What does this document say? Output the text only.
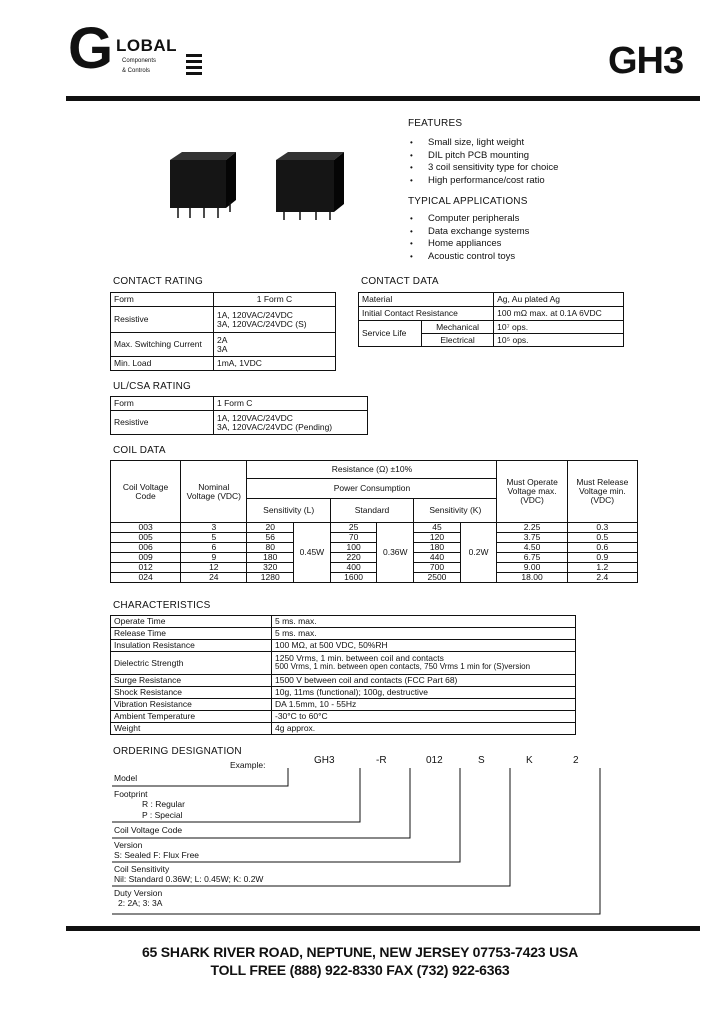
G LOBAL
Components
& Controls	GH3
FEATURES
• Small size, light weight
• DIL pitch PCB mounting
• 3 coil sensitivity type for choice
• High performance/cost ratio
TYPICAL APPLICATIONS
• Computer peripherals
• Data exchange systems
• Home appliances
• Acoustic control toys
CONTACT RATING
Form	1 Form C
Resistive	1A, 120VAC/24VDC
3A, 120VAC/24VDC (S)

Max. Switching Current	2A
3A

Min. Load	1mA, 1VDC
CONTACT DATA
Material		Ag, Au plated Ag
Initial Contact Resistance		100 mΩ max. at 0.1A 6VDC
Service Life	Mechanical	10⁷ ops.
	Electrical	10⁵ ops.
UL/CSA RATING
Form	1 Form C
Resistive	1A, 120VAC/24VDC
3A, 120VAC/24VDC (Pending)
COIL DATA
Coil Voltage Code	Nominal Voltage (VDC)	Resistance (Ω) ±10%						Must Operate Voltage max. (VDC)	Must Release Voltage min. (VDC)
		Power Consumption							
		Sensitivity (L)		Standard		Sensitivity (K)			
003	3	20	0.45W	25	0.36W	45	0.2W	2.25	0.3
005	5	56		70		120		3.75	0.5
006	6	80		100		180		4.50	0.6
009	9	180		220		440		6.75	0.9
012	12	320		400		700		9.00	1.2
024	24	1280		1600		2500		18.00	2.4
CHARACTERISTICS
Operate Time	5 ms. max.
Release Time	5 ms. max.
Insulation Resistance	100 MΩ, at 500 VDC, 50%RH
Dielectric Strength	1250 Vrms, 1 min. between coil and contacts
500 Vrms, 1 min. between open contacts, 750 Vrms 1 min for (S)version

Surge Resistance	1500 V between coil and contacts (FCC Part 68)
Shock Resistance	10g, 11ms (functional); 100g, destructive
Vibration Resistance	DA 1.5mm, 10 - 55Hz
Ambient Temperature	-30°C to 60°C
Weight	4g approx.
ORDERING DESIGNATION
Example:	GH3	-R	012	S	K	2
Model
Footprint
R : Regular
P : Special
Coil Voltage Code
Version
S: Sealed F: Flux Free
Coil Sensitivity
Nil: Standard 0.36W; L: 0.45W; K: 0.2W
Duty Version
2: 2A; 3: 3A
65 SHARK RIVER ROAD, NEPTUNE, NEW JERSEY 07753-7423 USA
TOLL FREE (888) 922-8330 FAX (732) 922-6363
